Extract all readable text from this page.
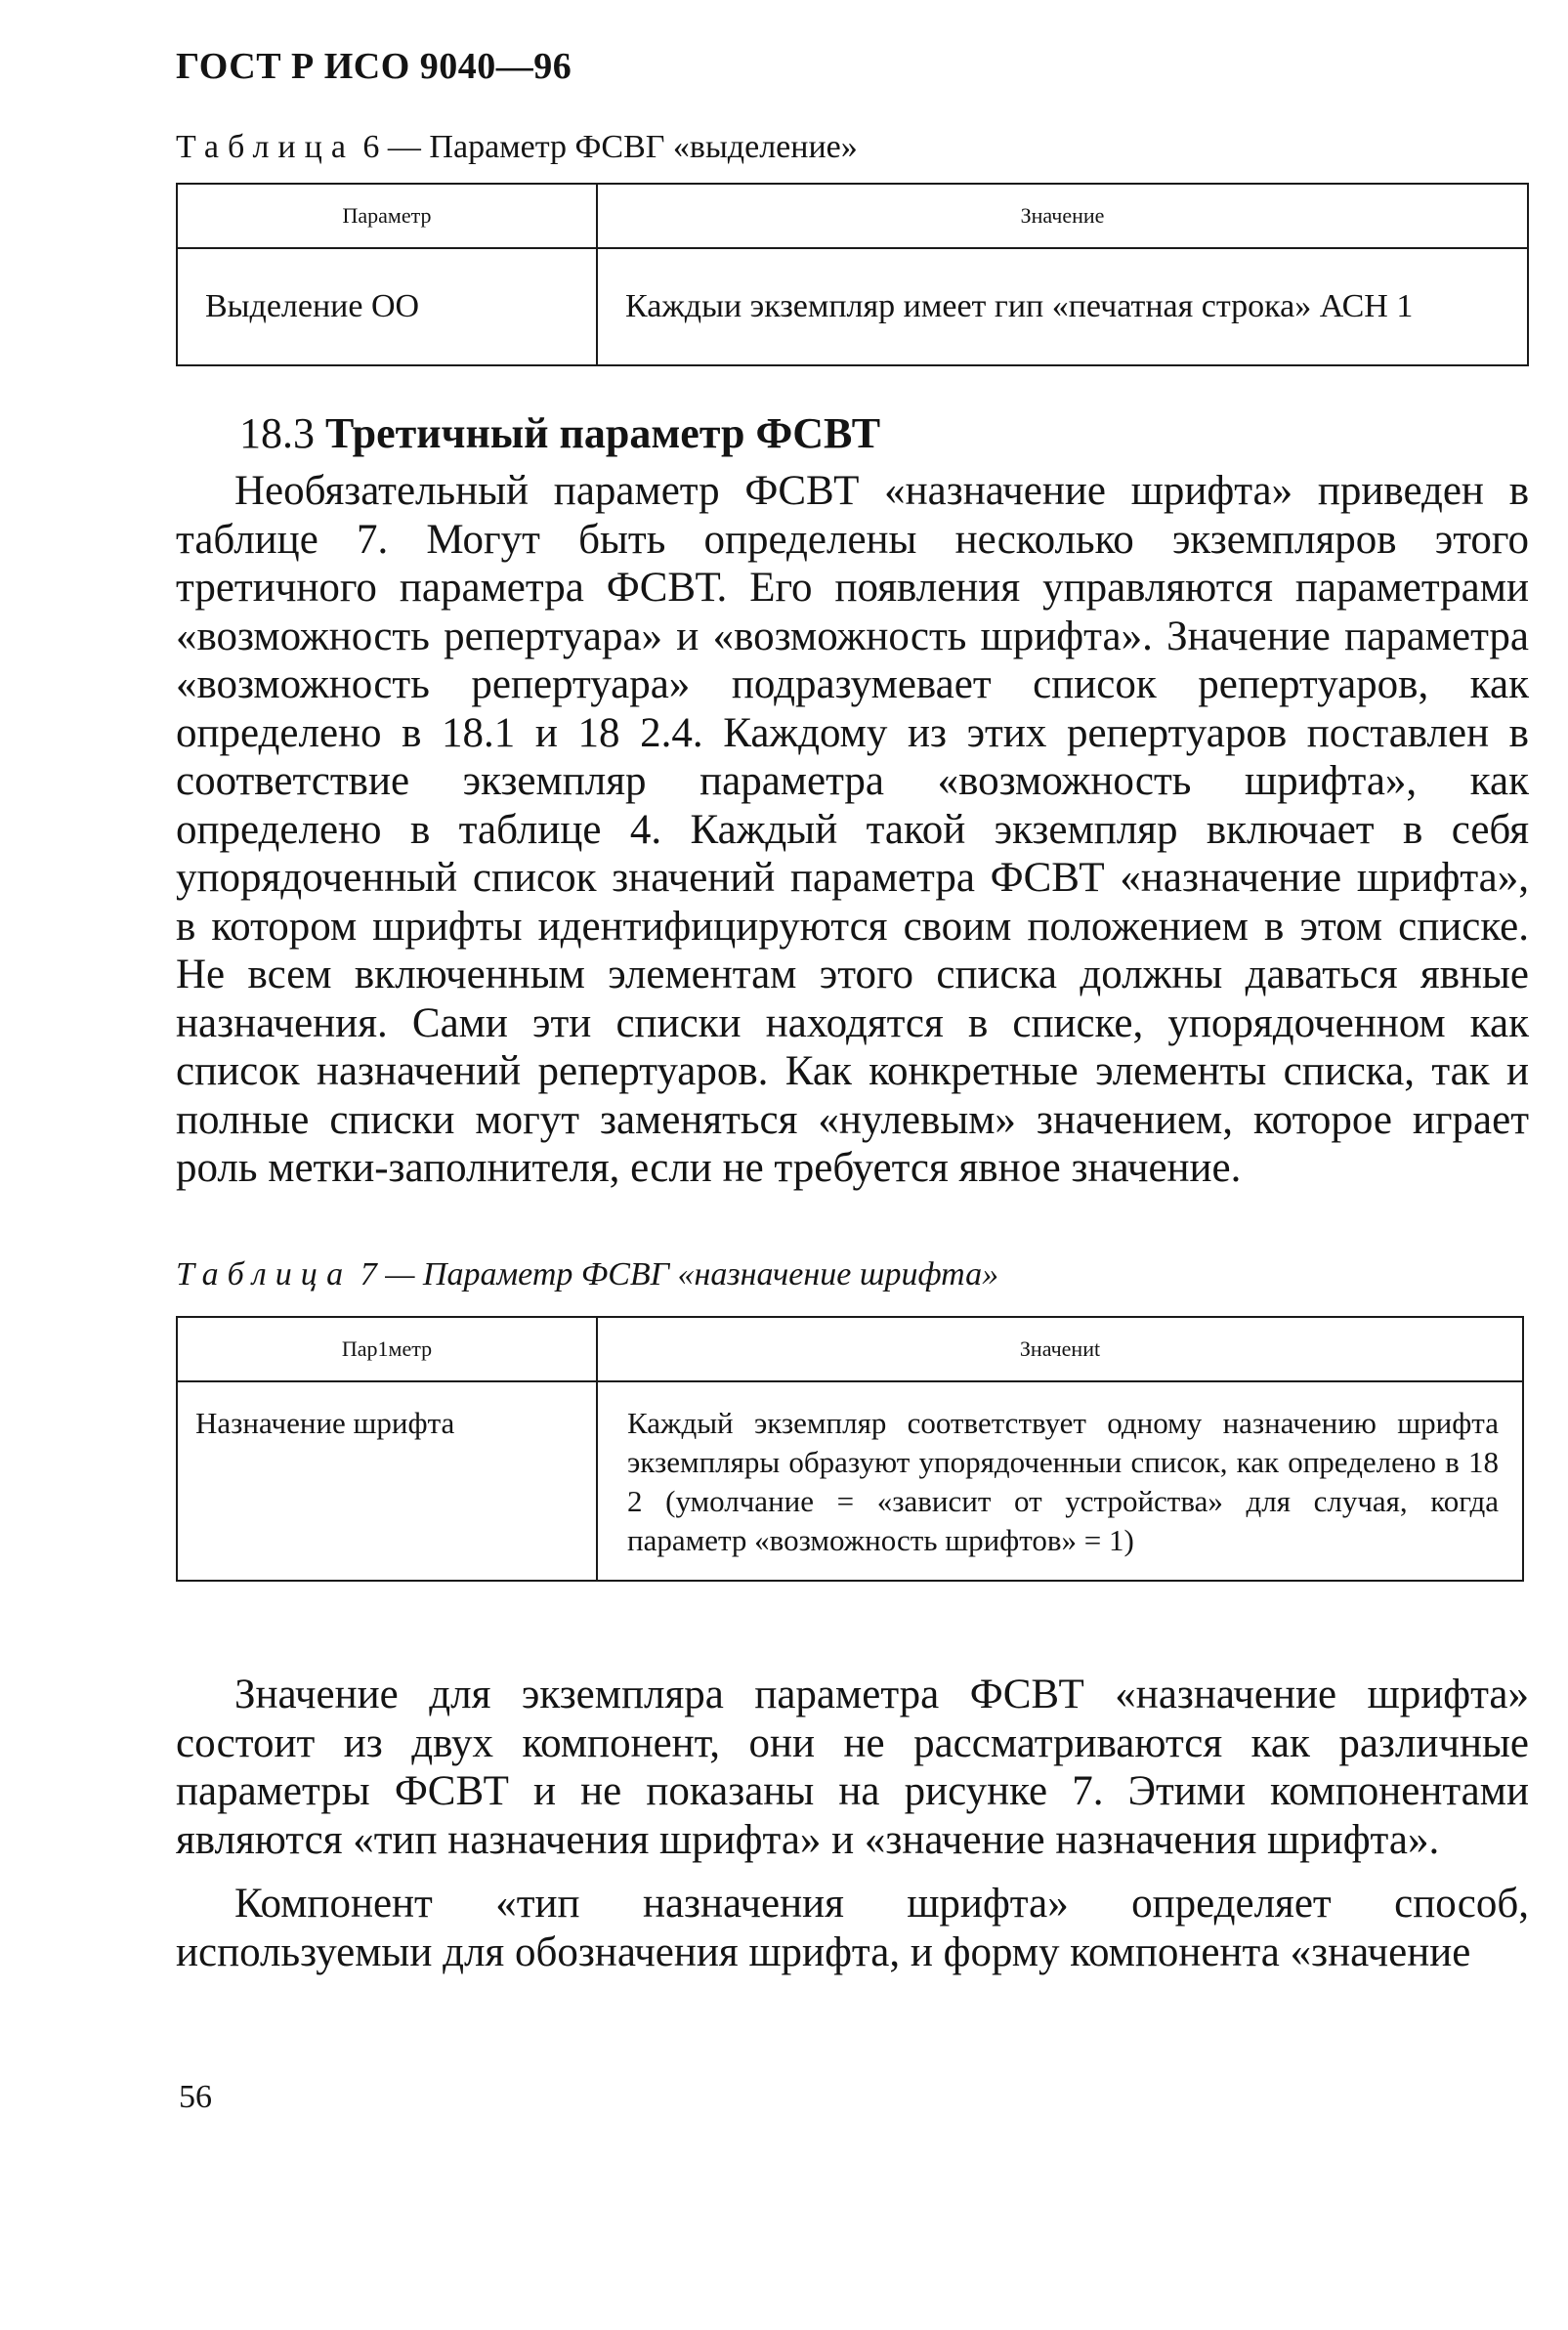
ГОСТ Р ИСО 9040—96
Таблица 6 — Параметр ФСВГ «выделение»
Параметр	Значение
Выделение ОО	Каждыи экземпляр имеет гип «печатная строка» АСН 1
18.3 Третичный параметр ФСВТ

Необязательный параметр ФСВТ «назначение шрифта» приведен в таблице 7. Могут быть определены несколько экземпляров этого третичного параметра ФСВТ. Его появления управляются параметрами «возможность репертуара» и «возможность шрифта». Значение параметра «возможность репертуара» подразумевает список репертуаров, как определено в 18.1 и 18 2.4. Каждому из этих репертуаров поставлен в соответствие экземпляр параметра «возможность шрифта», как определено в таблице 4. Каждый такой экземпляр включает в себя упорядоченный список значений параметра ФСВТ «назначение шрифта», в котором шрифты идентифицируются своим положением в этом списке. Не всем включенным элементам этого списка должны даваться явные назначения. Сами эти списки находятся в списке, упорядоченном как список назначений репертуаров. Как конкретные элементы списка, так и полные списки могут заменяться «нулевым» значением, которое играет роль метки-заполнителя, если не требуется явное значение.

Таблица 7 — Параметр ФСВГ «назначение шрифта»
Пар1метр	Значениt
Назначение шрифта	Каждый экземпляр соответствует одному назначению шрифта экземпляры образуют упорядоченныи список, как определено в 18 2 (умолчание = «зависит от устройства» для случая, когда параметр «возможность шрифтов» = 1)

Значение для экземпляра параметра ФСВТ «назначение шрифта» состоит из двух компонент, они не рассматриваются как различные параметры ФСВТ и не показаны на рисунке 7. Этими компонентами являются «тип назначения шрифта» и «значение назначения шрифта».

Компонент «тип назначения шрифта» определяет способ, используемыи для обозначения шрифта, и форму компонента «значение

56
